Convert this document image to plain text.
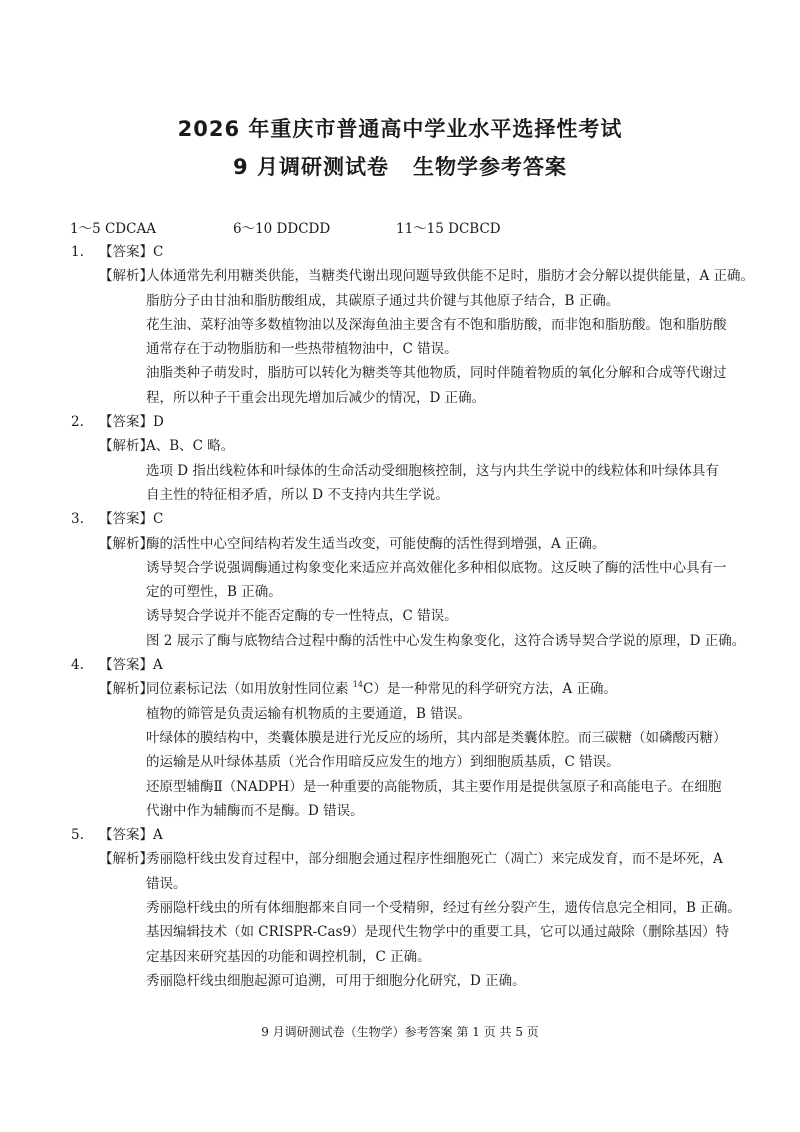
2026 年重庆市普通高中学业水平选择性考试
9 月调研测试卷 生物学参考答案
1～5 CDCAA	6～10 DDCDD	11～15 DCBCD
1. 【答案】C
【解析】
人体通常先利用糖类供能，当糖类代谢出现问题导致供能不足时，脂肪才会分解以提供能量，A 正确。
脂肪分子由甘油和脂肪酸组成，其碳原子通过共价键与其他原子结合，B 正确。
花生油、菜籽油等多数植物油以及深海鱼油主要含有不饱和脂肪酸，而非饱和脂肪酸。饱和脂肪酸
通常存在于动物脂肪和一些热带植物油中，C 错误。
油脂类种子萌发时，脂肪可以转化为糖类等其他物质，同时伴随着物质的氧化分解和合成等代谢过
程，所以种子干重会出现先增加后减少的情况，D 正确。
2. 【答案】D
【解析】
A、B、C 略。
选项 D 指出线粒体和叶绿体的生命活动受细胞核控制，这与内共生学说中的线粒体和叶绿体具有
自主性的特征相矛盾，所以 D 不支持内共生学说。
3. 【答案】C
【解析】
酶的活性中心空间结构若发生适当改变，可能使酶的活性得到增强，A 正确。
诱导契合学说强调酶通过构象变化来适应并高效催化多种相似底物。这反映了酶的活性中心具有一
定的可塑性，B 正确。
诱导契合学说并不能否定酶的专一性特点，C 错误。
图 2 展示了酶与底物结合过程中酶的活性中心发生构象变化，这符合诱导契合学说的原理，D 正确。
4. 【答案】A
【解析】
同位素标记法（如用放射性同位素 $^{14}$C）是一种常见的科学研究方法，A 正确。
植物的筛管是负责运输有机物质的主要通道，B 错误。
叶绿体的膜结构中，类囊体膜是进行光反应的场所，其内部是类囊体腔。而三碳糖（如磷酸丙糖）
的运输是从叶绿体基质（光合作用暗反应发生的地方）到细胞质基质，C 错误。
还原型辅酶Ⅱ（NADPH）是一种重要的高能物质，其主要作用是提供氢原子和高能电子。在细胞
代谢中作为辅酶而不是酶。D 错误。
5. 【答案】A
【解析】
秀丽隐杆线虫发育过程中，部分细胞会通过程序性细胞死亡（凋亡）来完成发育，而不是坏死，A
错误。
秀丽隐杆线虫的所有体细胞都来自同一个受精卵，经过有丝分裂产生，遗传信息完全相同，B 正确。
基因编辑技术（如 CRISPR-Cas9）是现代生物学中的重要工具，它可以通过敲除（删除基因）特
定基因来研究基因的功能和调控机制，C 正确。
秀丽隐杆线虫细胞起源可追溯，可用于细胞分化研究，D 正确。
9 月调研测试卷（生物学）参考答案 第 1 页 共 5 页
